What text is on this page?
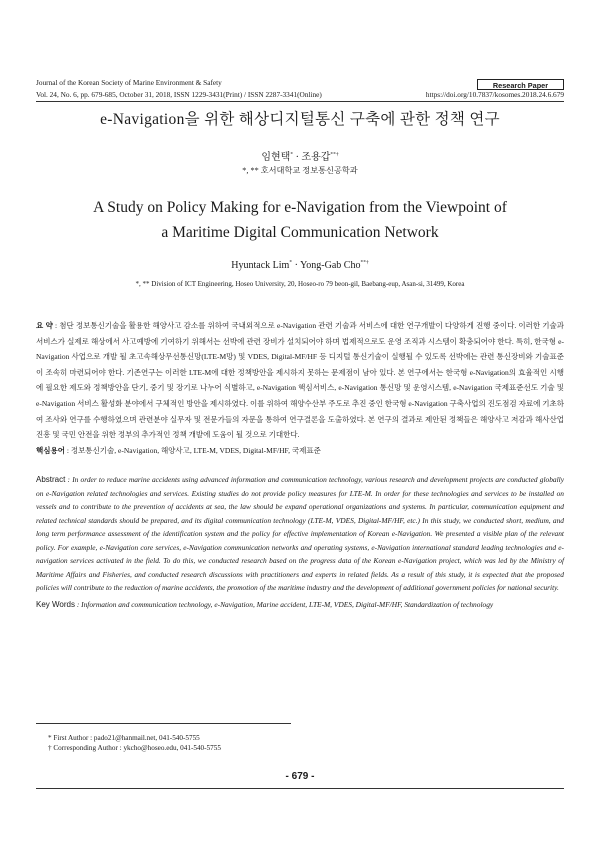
Journal of the Korean Society of Marine Environment & Safety	Research Paper
Vol. 24, No. 6, pp. 679-685, October 31, 2018, ISSN 1229-3431(Print) / ISSN 2287-3341(Online)	https://doi.org/10.7837/kosomes.2018.24.6.679
e-Navigation을 위한 해상디지털통신 구축에 관한 정책 연구
임현택* · 조용갑**†
*, ** 호서대학교 정보통신공학과
A Study on Policy Making for e-Navigation from the Viewpoint of
a Maritime Digital Communication Network
Hyuntack Lim* · Yong-Gab Cho**†
*, ** Division of ICT Engineering, Hoseo University, 20, Hoseo-ro 79 beon-gil, Baebang-eup, Asan-si, 31499, Korea
요 약 : 첨단 정보통신기술을 활용한 해양사고 감소를 위하여 국내외적으로 e-Navigation 관련 기술과 서비스에 대한 연구개발이 다양하게 진행 중이다. 이러한 기술과 서비스가 실제로 해상에서 사고예방에 기여하기 위해서는 선박에 관련 장비가 설치되어야 하며 법제적으로도 운영 조직과 시스템이 확충되어야 한다. 특히, 한국형 e-Navigation 사업으로 개발 될 초고속해상무선통신망(LTE-M망) 및 VDES, Digital-MF/HF 등 디지털 통신기술이 실행될 수 있도록 선박에는 관련 통신장비와 기술표준이 조속히 마련되어야 한다. 기존연구는 이러한 LTE-M에 대한 정책방안을 제시하지 못하는 문제점이 남아 있다. 본 연구에서는 한국형 e-Navigation의 효율적인 시행에 필요한 제도와 정책방안을 단기, 중기 및 장기로 나누어 식별하고, e-Navigation 핵심서비스, e-Navigation 통신망 및 운영시스템, e-Navigation 국제표준선도 기술 및 e-Navigation 서비스 활성화 분야에서 구체적인 방안을 제시하였다. 이를 위하여 해양수산부 주도로 추진 중인 한국형 e-Navigation 구축사업의 진도점검 자료에 기초하여 조사와 연구를 수행하였으며 관련분야 실무자 및 전문가들의 자문을 통하여 연구결론을 도출하였다. 본 연구의 결과로 제안된 정책들은 해양사고 저감과 해사산업 진흥 및 국민 안전을 위한 정부의 추가적인 정책 개발에 도움이 될 것으로 기대한다.
핵심용어 : 정보통신기술, e-Navigation, 해양사고, LTE-M, VDES, Digital-MF/HF, 국제표준
Abstract : In order to reduce marine accidents using advanced information and communication technology, various research and development projects are conducted globally on e-Navigation related technologies and services. Existing studies do not provide policy measures for LTE-M. In order for these technologies and services to be installed on vessels and to contribute to the prevention of accidents at sea, the law should be expand operational organizations and systems. In particular, communication equipment and related technical standards should be prepared, and its digital communication technology (LTE-M, VDES, Digital-MF/HF, etc.) In this study, we conducted short, medium, and long term performance assessment of the identification system and the policy for effective implementation of Korean e-Navigation. We presented a visible plan of the relevant policy. For example, e-Navigation core services, e-Navigation communication networks and operating systems, e-Navigation international standard leading technologies and e-navigation services activated in the field. To do this, we conducted research based on the progress data of the Korean e-Navigation project, which was led by the Ministry of Maritime Affairs and Fisheries, and conducted research discussions with practitioners and experts in related fields. As a result of this study, it is expected that the proposed policies will contribute to the reduction of marine accidents, the promotion of the maritime industry and the development of additional government policies for national security.
Key Words : Information and communication technology, e-Navigation, Marine accident, LTE-M, VDES, Digital-MF/HF, Standardization of technology
* First Author : pado21@hanmail.net, 041-540-5755
† Corresponding Author : ykcho@hoseo.edu, 041-540-5755
- 679 -
